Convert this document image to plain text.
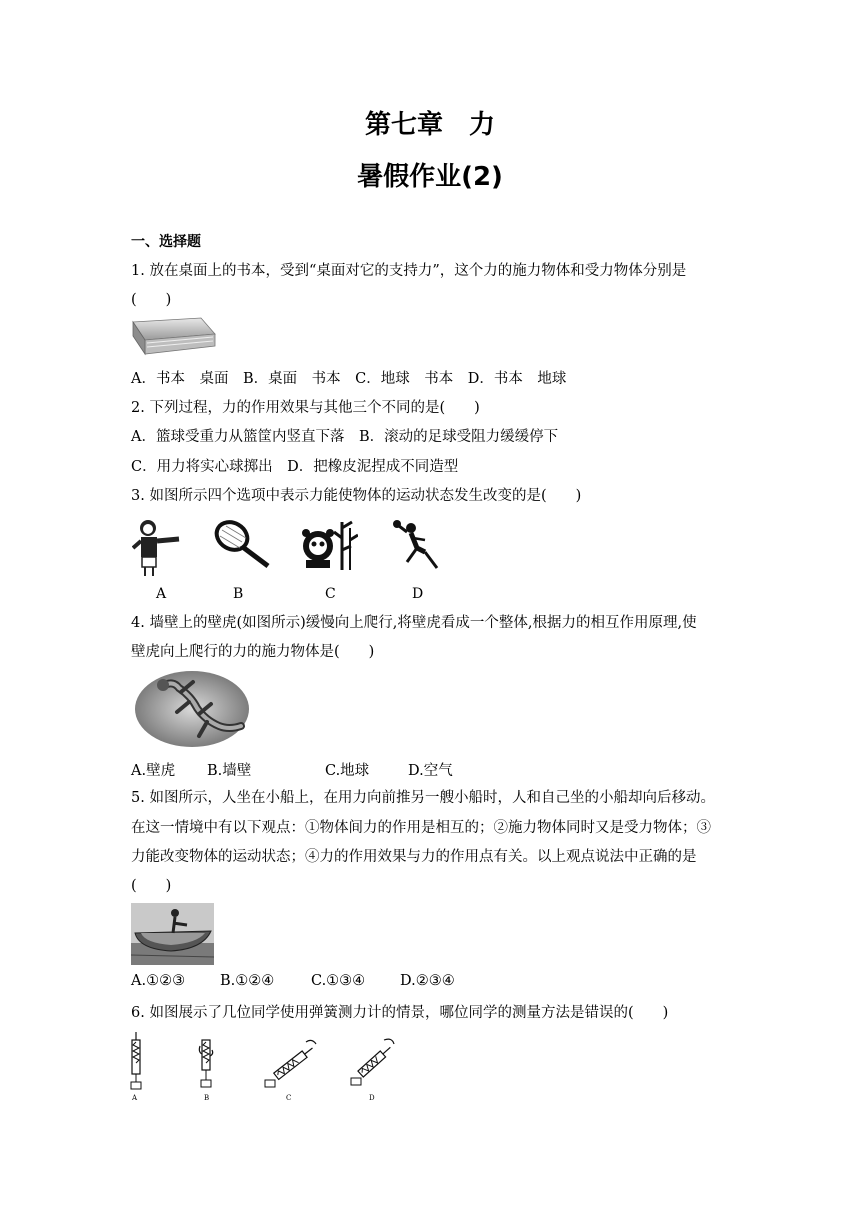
第七章　力
暑假作业(2)
一、选择题
1. 放在桌面上的书本，受到“桌面对它的支持力”，这个力的施力物体和受力物体分别是
(　　)
A．书本　桌面　B．桌面　书本　C．地球　书本　D．书本　地球
2. 下列过程，力的作用效果与其他三个不同的是(　　)
A．篮球受重力从篮筐内竖直下落　B．滚动的足球受阻力缓缓停下
C．用力将实心球掷出　D．把橡皮泥捏成不同造型
3. 如图所示四个选项中表示力能使物体的运动状态发生改变的是(　　)
A	B	C	D
4. 墙壁上的壁虎(如图所示)缓慢向上爬行,将壁虎看成一个整体,根据力的相互作用原理,使
壁虎向上爬行的力的施力物体是(　　)
A.壁虎 B.墙壁	C.地球	D.空气
5. 如图所示，人坐在小船上，在用力向前推另一艘小船时，人和自己坐的小船却向后移动。
在这一情境中有以下观点：①物体间力的作用是相互的；②施力物体同时又是受力物体；③
力能改变物体的运动状态；④力的作用效果与力的作用点有关。以上观点说法中正确的是
(　　)
A.①②③ B.①②④	C.①③④ D.②③④
6. 如图展示了几位同学使用弹簧测力计的情景，哪位同学的测量方法是错误的(　　)
A	B	C	D
